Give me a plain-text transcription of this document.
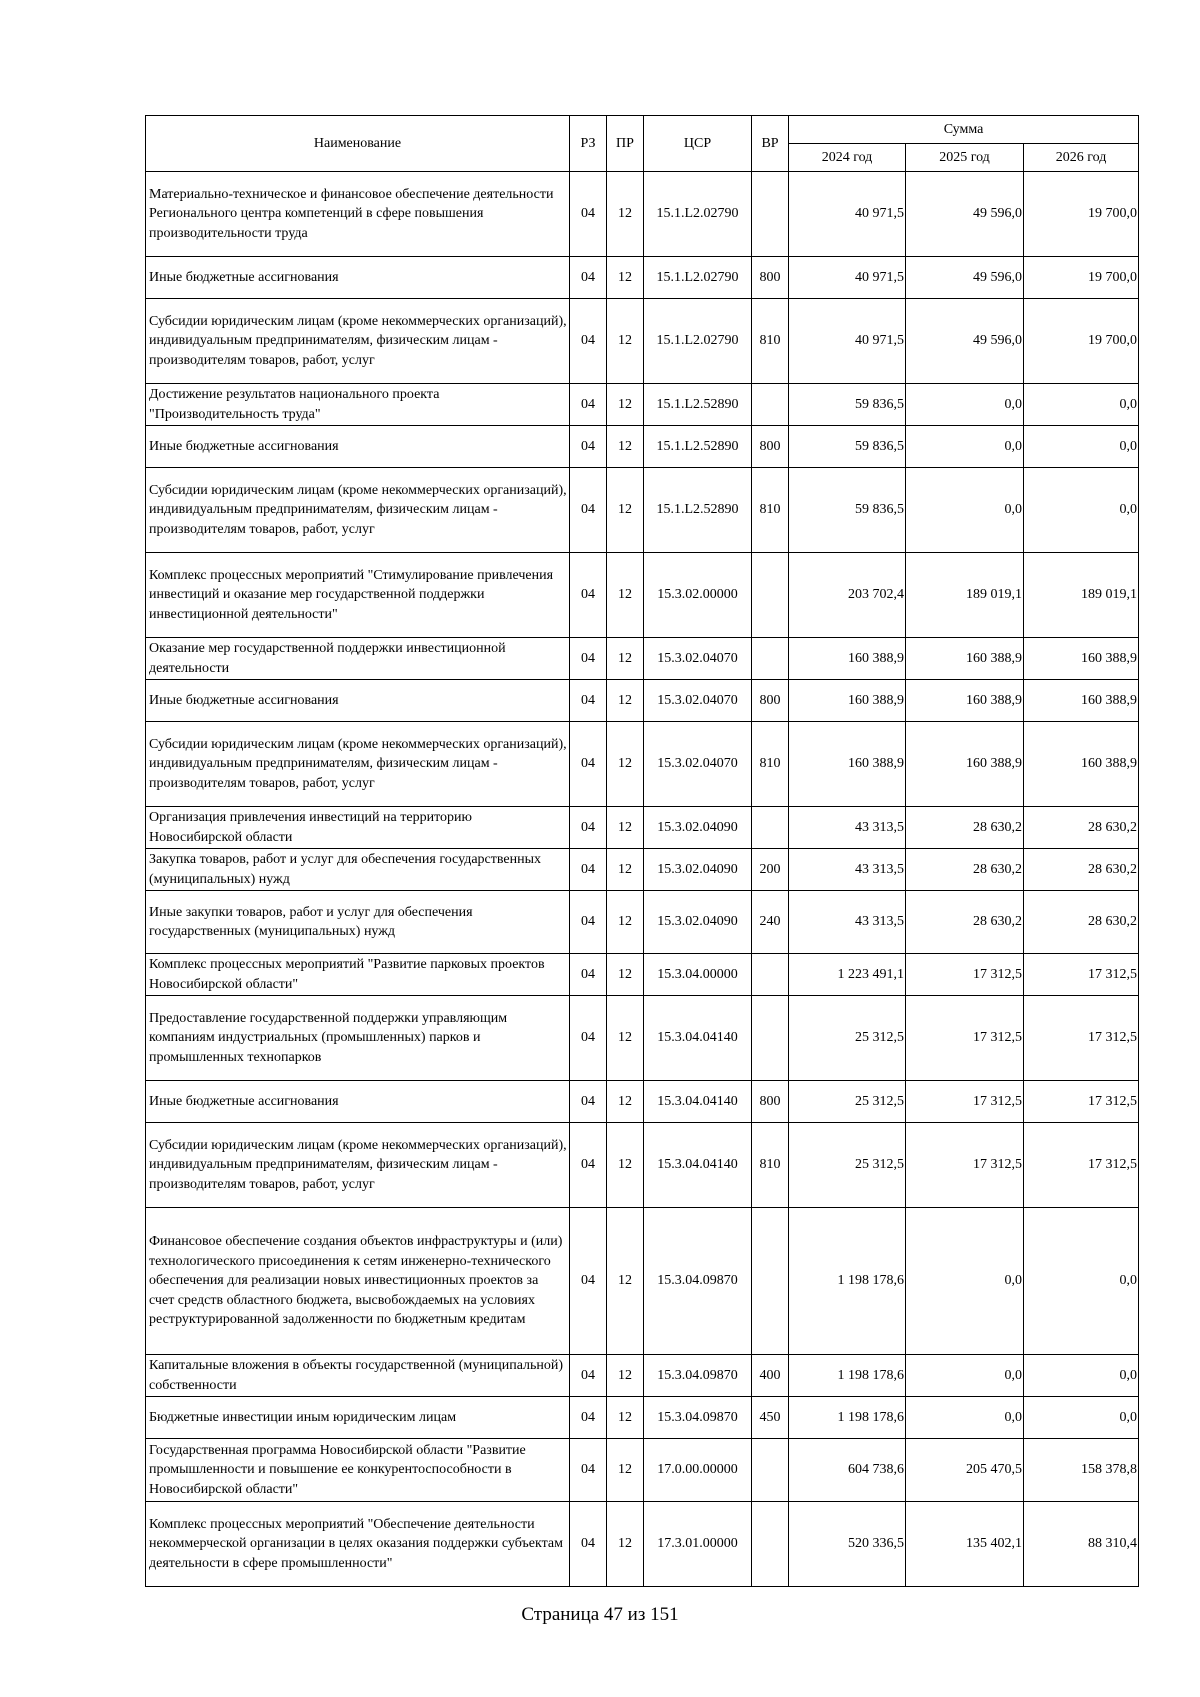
Наименование	РЗ	ПР	ЦСР	ВР	Сумма		
					2024 год	2025 год	2026 год
Материально-техническое и финансовое обеспечение деятельности Регионального центра компетенций в сфере повышения производительности труда	04	12	15.1.L2.02790		40 971,5	49 596,0	19 700,0
Иные бюджетные ассигнования	04	12	15.1.L2.02790	800	40 971,5	49 596,0	19 700,0
Субсидии юридическим лицам (кроме некоммерческих организаций), индивидуальным предпринимателям, физическим лицам - производителям товаров, работ, услуг	04	12	15.1.L2.02790	810	40 971,5	49 596,0	19 700,0
Достижение результатов национального проекта "Производительность труда"	04	12	15.1.L2.52890		59 836,5	0,0	0,0
Иные бюджетные ассигнования	04	12	15.1.L2.52890	800	59 836,5	0,0	0,0
Субсидии юридическим лицам (кроме некоммерческих организаций), индивидуальным предпринимателям, физическим лицам - производителям товаров, работ, услуг	04	12	15.1.L2.52890	810	59 836,5	0,0	0,0
Комплекс процессных мероприятий "Стимулирование привлечения инвестиций и оказание мер государственной поддержки инвестиционной деятельности"	04	12	15.3.02.00000		203 702,4	189 019,1	189 019,1
Оказание мер государственной поддержки инвестиционной деятельности	04	12	15.3.02.04070		160 388,9	160 388,9	160 388,9
Иные бюджетные ассигнования	04	12	15.3.02.04070	800	160 388,9	160 388,9	160 388,9
Субсидии юридическим лицам (кроме некоммерческих организаций), индивидуальным предпринимателям, физическим лицам - производителям товаров, работ, услуг	04	12	15.3.02.04070	810	160 388,9	160 388,9	160 388,9
Организация привлечения инвестиций на территорию Новосибирской области	04	12	15.3.02.04090		43 313,5	28 630,2	28 630,2
Закупка товаров, работ и услуг для обеспечения государственных (муниципальных) нужд	04	12	15.3.02.04090	200	43 313,5	28 630,2	28 630,2
Иные закупки товаров, работ и услуг для обеспечения государственных (муниципальных) нужд	04	12	15.3.02.04090	240	43 313,5	28 630,2	28 630,2
Комплекс процессных мероприятий "Развитие парковых проектов Новосибирской области"	04	12	15.3.04.00000		1 223 491,1	17 312,5	17 312,5
Предоставление государственной поддержки управляющим компаниям индустриальных (промышленных) парков и промышленных технопарков	04	12	15.3.04.04140		25 312,5	17 312,5	17 312,5
Иные бюджетные ассигнования	04	12	15.3.04.04140	800	25 312,5	17 312,5	17 312,5
Субсидии юридическим лицам (кроме некоммерческих организаций), индивидуальным предпринимателям, физическим лицам - производителям товаров, работ, услуг	04	12	15.3.04.04140	810	25 312,5	17 312,5	17 312,5
Финансовое обеспечение создания объектов инфраструктуры и (или) технологического присоединения к сетям инженерно-технического обеспечения для реализации новых инвестиционных проектов за счет средств областного бюджета, высвобождаемых на условиях реструктурированной задолженности по бюджетным кредитам	04	12	15.3.04.09870		1 198 178,6	0,0	0,0
Капитальные вложения в объекты государственной (муниципальной) собственности	04	12	15.3.04.09870	400	1 198 178,6	0,0	0,0
Бюджетные инвестиции иным юридическим лицам	04	12	15.3.04.09870	450	1 198 178,6	0,0	0,0
Государственная программа Новосибирской области "Развитие промышленности и повышение ее конкурентоспособности в Новосибирской области"	04	12	17.0.00.00000		604 738,6	205 470,5	158 378,8
Комплекс процессных мероприятий "Обеспечение деятельности некоммерческой организации в целях оказания поддержки субъектам деятельности в сфере промышленности"	04	12	17.3.01.00000		520 336,5	135 402,1	88 310,4
Страница 47 из 151
